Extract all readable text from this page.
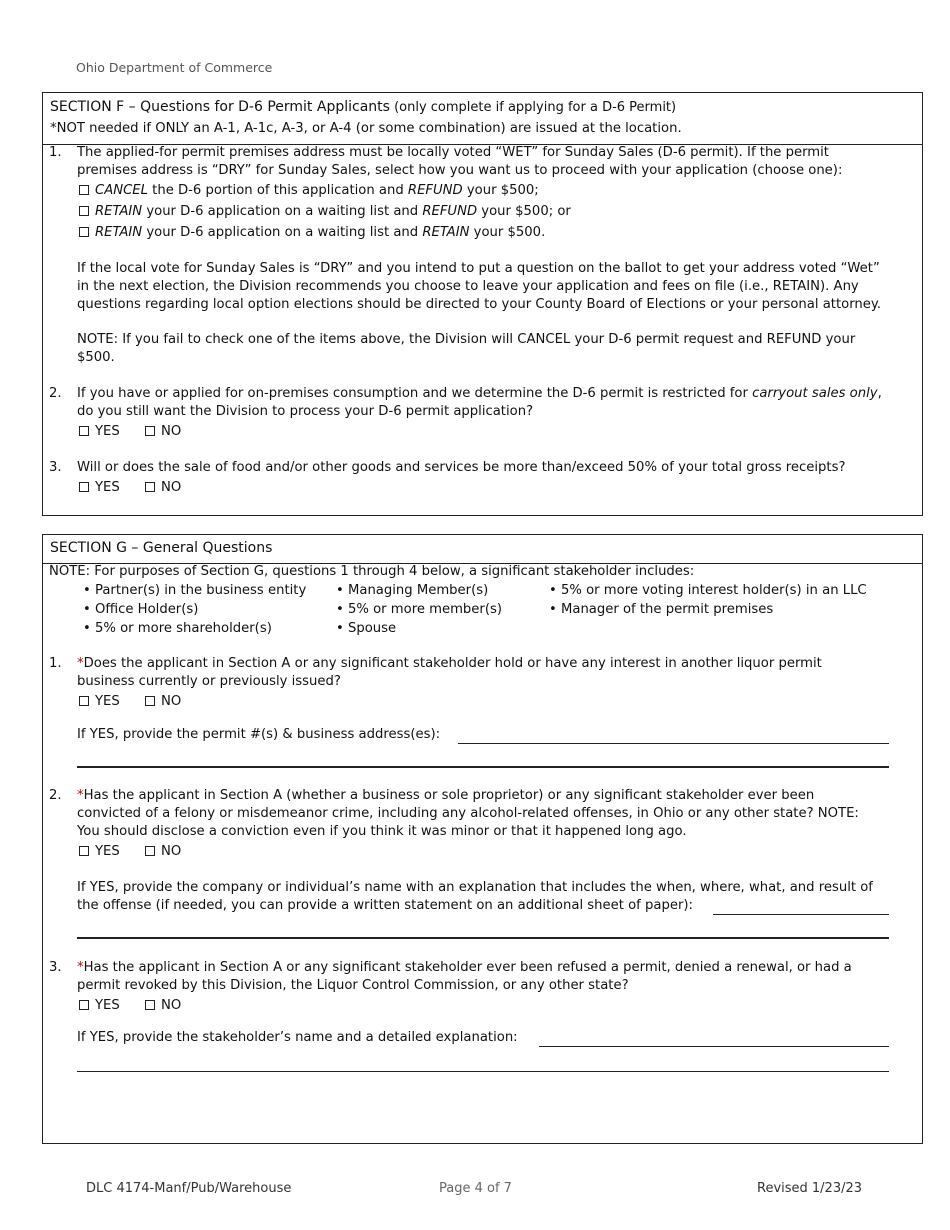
Ohio Department of Commerce
SECTION F – Questions for D-6 Permit Applicants (only complete if applying for a D-6 Permit)
*NOT needed if ONLY an A-1, A-1c, A-3, or A-4 (or some combination) are issued at the location.
1. The applied-for permit premises address must be locally voted “WET” for Sunday Sales (D-6 permit). If the permit
premises address is “DRY” for Sunday Sales, select how you want us to proceed with your application (choose one):
CANCEL the D-6 portion of this application and REFUND your $500;
RETAIN your D-6 application on a waiting list and REFUND your $500; or
RETAIN your D-6 application on a waiting list and RETAIN your $500.
If the local vote for Sunday Sales is “DRY” and you intend to put a question on the ballot to get your address voted “Wet”
in the next election, the Division recommends you choose to leave your application and fees on file (i.e., RETAIN). Any
questions regarding local option elections should be directed to your County Board of Elections or your personal attorney.
NOTE: If you fail to check one of the items above, the Division will CANCEL your D-6 permit request and REFUND your
$500.
2. If you have or applied for on-premises consumption and we determine the D-6 permit is restricted for carryout sales only,
do you still want the Division to process your D-6 permit application?
YES	NO
3. Will or does the sale of food and/or other goods and services be more than/exceed 50% of your total gross receipts?
YES	NO
SECTION G – General Questions
NOTE: For purposes of Section G, questions 1 through 4 below, a significant stakeholder includes:
• Partner(s) in the business entity • Managing Member(s)	• 5% or more voting interest holder(s) in an LLC
• Office Holder(s)	• 5% or more member(s)	• Manager of the permit premises
• 5% or more shareholder(s)	• Spouse
1. *Does the applicant in Section A or any significant stakeholder hold or have any interest in another liquor permit
business currently or previously issued?
YES	NO
If YES, provide the permit #(s) & business address(es):
2. *Has the applicant in Section A (whether a business or sole proprietor) or any significant stakeholder ever been
convicted of a felony or misdemeanor crime, including any alcohol-related offenses, in Ohio or any other state? NOTE:
You should disclose a conviction even if you think it was minor or that it happened long ago.
YES	NO
If YES, provide the company or individual’s name with an explanation that includes the when, where, what, and result of
the offense (if needed, you can provide a written statement on an additional sheet of paper):
3. *Has the applicant in Section A or any significant stakeholder ever been refused a permit, denied a renewal, or had a
permit revoked by this Division, the Liquor Control Commission, or any other state?
YES	NO
If YES, provide the stakeholder’s name and a detailed explanation:
DLC 4174-Manf/Pub/Warehouse	Page 4 of 7	Revised 1/23/23
